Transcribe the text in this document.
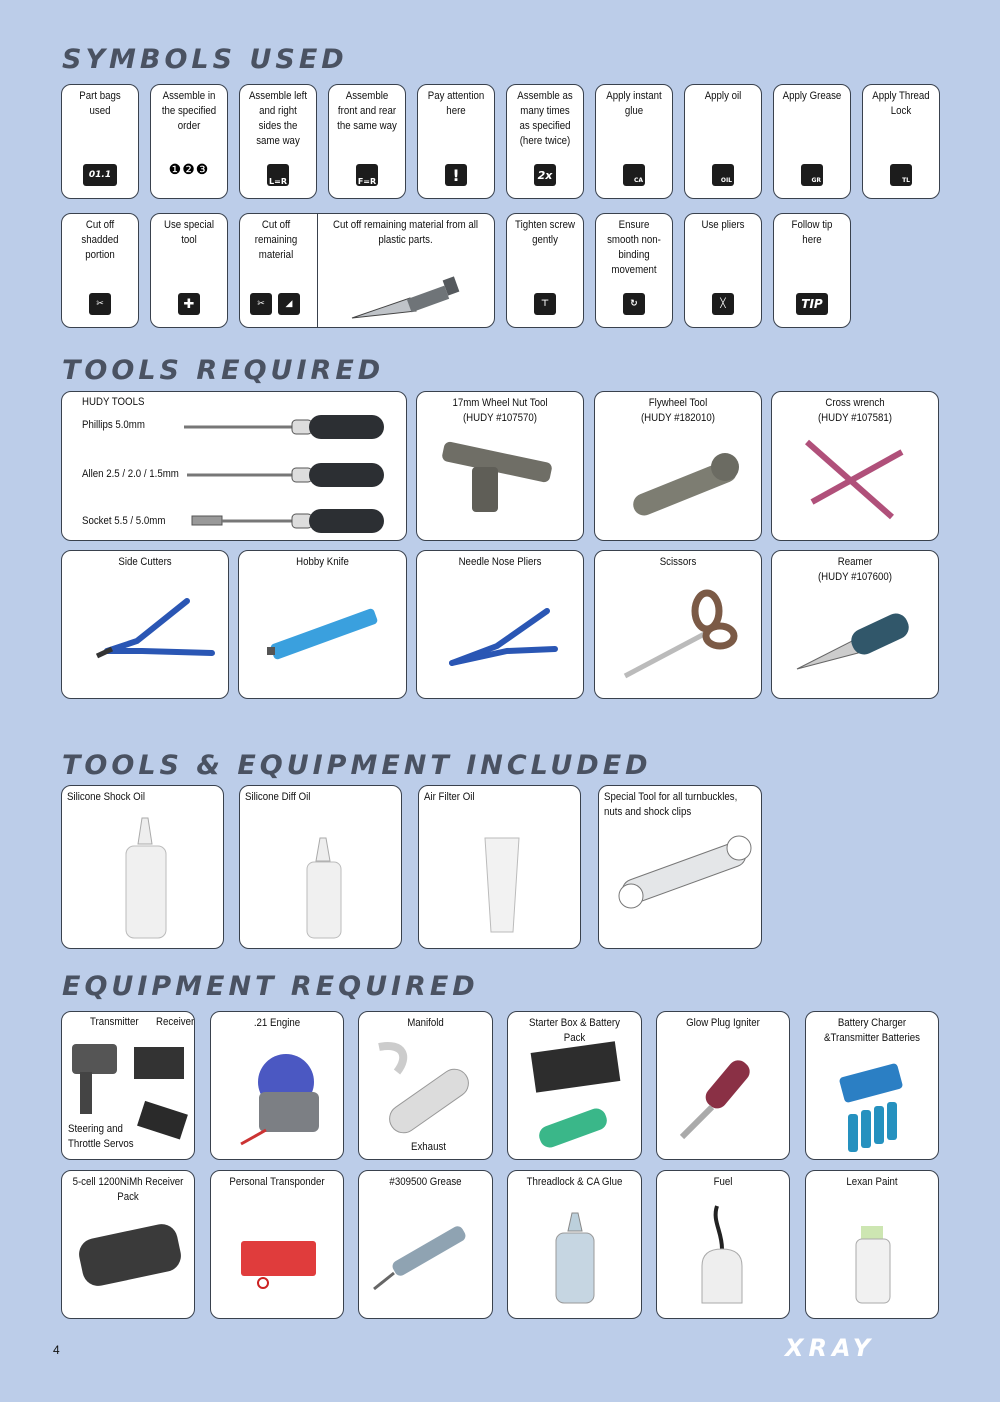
SYMBOLS USED
TOOLS REQUIRED
TOOLS & EQUIPMENT INCLUDED
EQUIPMENT REQUIRED
Part bags used
01.1
Assemble in the specified order
❶❷❸
Assemble left and right sides the same way
L=R
Assemble front and rear the same way
F=R
Pay attention here
!
Assemble as many times as specified (here twice)
2x
Apply instant glue
CA
Apply oil
OIL
Apply Grease
GR
Apply Thread Lock
TL
Cut off shadded portion
✂
Use special tool
✚
Cut off remaining material
Cut off remaining material from all plastic parts.
✂	◢
Tighten screw gently
⊤
Ensure smooth non-binding movement
↻
Use pliers
╳
Follow tip here
TIP
HUDY TOOLS
Phillips 5.0mm
Allen 2.5 / 2.0 / 1.5mm
Socket 5.5 / 5.0mm
17mm Wheel Nut Tool
(HUDY #107570)
Flywheel Tool
(HUDY #182010)
Cross wrench
(HUDY #107581)
Side Cutters	Hobby Knife	Needle Nose Pliers	Scissors	Reamer
(HUDY #107600)
Silicone Shock Oil	Silicone Diff Oil	Air Filter Oil	Special Tool for all turnbuckles, nuts and shock clips
Transmitter Receiver
Steering and
Throttle Servos
.21 Engine	Manifold
Exhaust
Starter Box & Battery Pack
Glow Plug Igniter	Battery Charger
&Transmitter Batteries
5-cell 1200NiMh Receiver Pack
Personal Transponder	#309500 Grease	Threadlock & CA Glue	Fuel	Lexan Paint
4	XRAY
